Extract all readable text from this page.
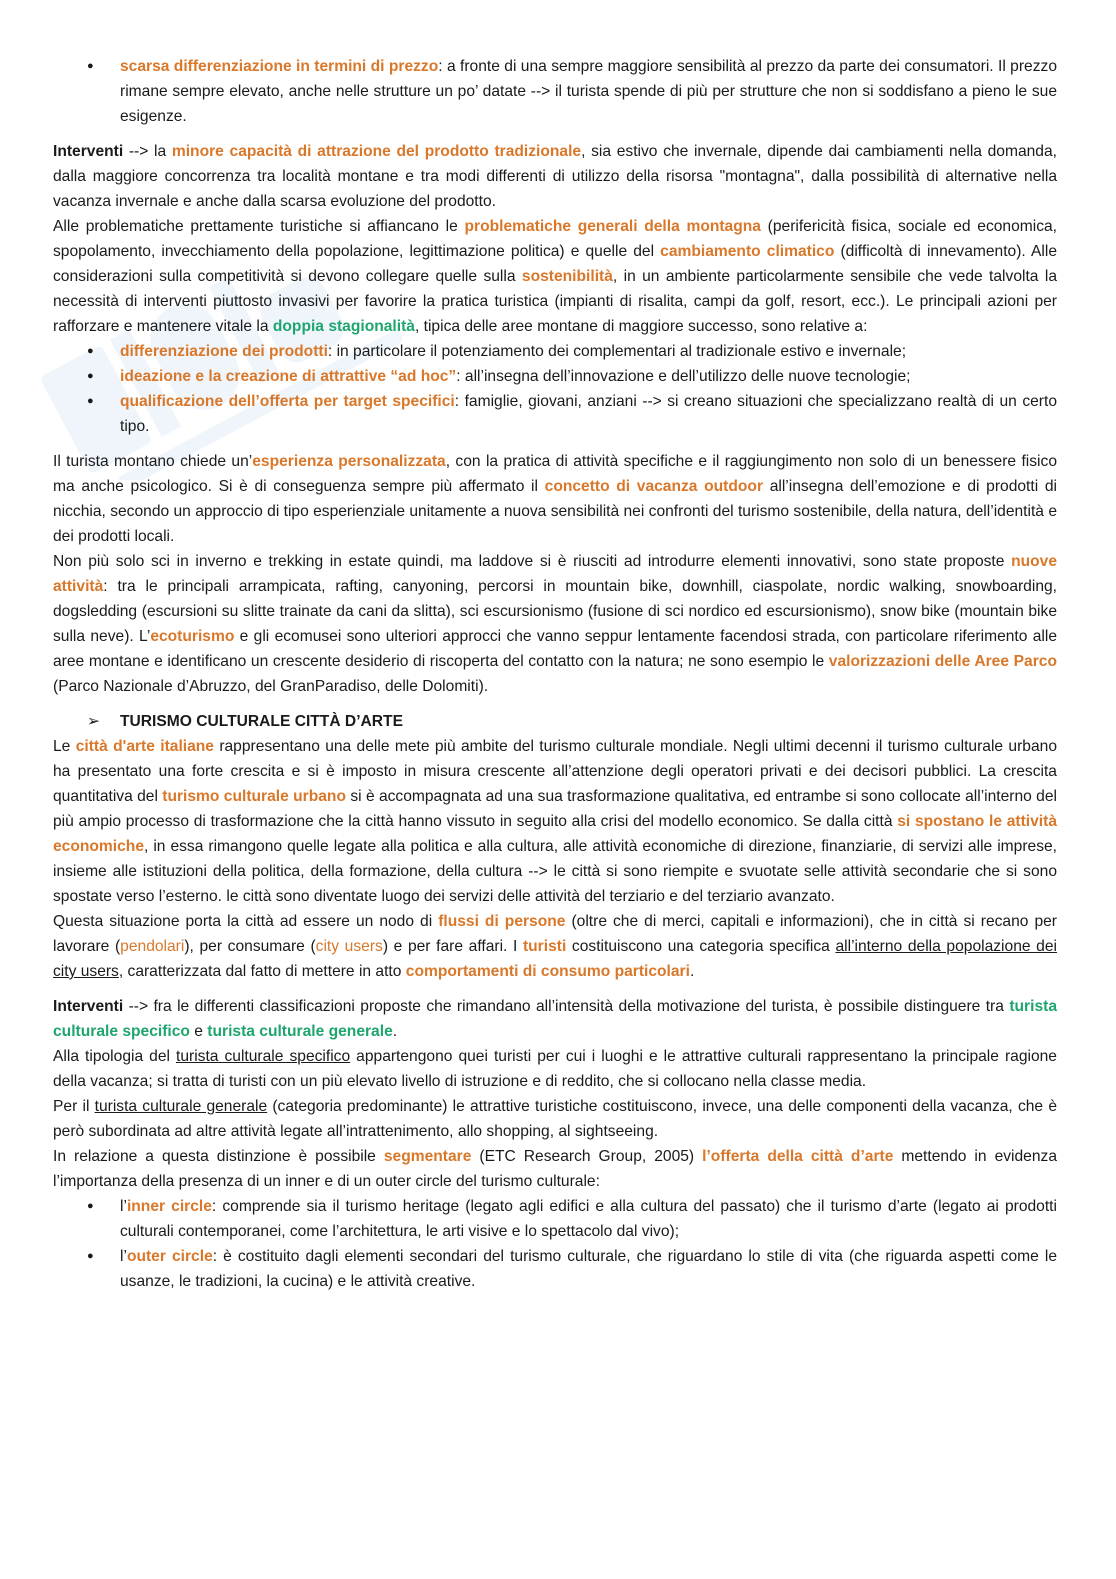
● scarsa differenziazione in termini di prezzo: a fronte di una sempre maggiore sensibilità al prezzo da parte dei consumatori. Il prezzo rimane sempre elevato, anche nelle strutture un po’ datate --> il turista spende di più per strutture che non si soddisfano a pieno le sue esigenze.

Interventi --> la minore capacità di attrazione del prodotto tradizionale, sia estivo che invernale, dipende dai cambiamenti nella domanda, dalla maggiore concorrenza tra località montane e tra modi differenti di utilizzo della risorsa "montagna", dalla possibilità di alternative nella vacanza invernale e anche dalla scarsa evoluzione del prodotto.

Alle problematiche prettamente turistiche si affiancano le problematiche generali della montagna (perifericità fisica, sociale ed economica, spopolamento, invecchiamento della popolazione, legittimazione politica) e quelle del cambiamento climatico (difficoltà di innevamento). Alle considerazioni sulla competitività si devono collegare quelle sulla sostenibilità, in un ambiente particolarmente sensibile che vede talvolta la necessità di interventi piuttosto invasivi per favorire la pratica turistica (impianti di risalita, campi da golf, resort, ecc.). Le principali azioni per rafforzare e mantenere vitale la doppia stagionalità, tipica delle aree montane di maggiore successo, sono relative a:

● differenziazione dei prodotti: in particolare il potenziamento dei complementari al tradizionale estivo e invernale;
● ideazione e la creazione di attrattive “ad hoc”: all’insegna dell’innovazione e dell’utilizzo delle nuove tecnologie;
● qualificazione dell’offerta per target specifici: famiglie, giovani, anziani --> si creano situazioni che specializzano realtà di un certo tipo.

Il turista montano chiede un’esperienza personalizzata, con la pratica di attività specifiche e il raggiungimento non solo di un benessere fisico ma anche psicologico. Si è di conseguenza sempre più affermato il concetto di vacanza outdoor all’insegna dell’emozione e di prodotti di nicchia, secondo un approccio di tipo esperienziale unitamente a nuova sensibilità nei confronti del turismo sostenibile, della natura, dell’identità e dei prodotti locali.

Non più solo sci in inverno e trekking in estate quindi, ma laddove si è riusciti ad introdurre elementi innovativi, sono state proposte nuove attività: tra le principali arrampicata, rafting, canyoning, percorsi in mountain bike, downhill, ciaspolate, nordic walking, snowboarding, dogsledding (escursioni su slitte trainate da cani da slitta), sci escursionismo (fusione di sci nordico ed escursionismo), snow bike (mountain bike sulla neve). L’ecoturismo e gli ecomusei sono ulteriori approcci che vanno seppur lentamente facendosi strada, con particolare riferimento alle aree montane e identificano un crescente desiderio di riscoperta del contatto con la natura; ne sono esempio le valorizzazioni delle Aree Parco (Parco Nazionale d’Abruzzo, del GranParadiso, delle Dolomiti).

➢ TURISMO CULTURALE CITTÀ D’ARTE

Le città d'arte italiane rappresentano una delle mete più ambite del turismo culturale mondiale. Negli ultimi decenni il turismo culturale urbano ha presentato una forte crescita e si è imposto in misura crescente all’attenzione degli operatori privati e dei decisori pubblici. La crescita quantitativa del turismo culturale urbano si è accompagnata ad una sua trasformazione qualitativa, ed entrambe si sono collocate all’interno del più ampio processo di trasformazione che la città hanno vissuto in seguito alla crisi del modello economico. Se dalla città si spostano le attività economiche, in essa rimangono quelle legate alla politica e alla cultura, alle attività economiche di direzione, finanziarie, di servizi alle imprese, insieme alle istituzioni della politica, della formazione, della cultura --> le città si sono riempite e svuotate selle attività secondarie che si sono spostate verso l’esterno. le città sono diventate luogo dei servizi delle attività del terziario e del terziario avanzato.

Questa situazione porta la città ad essere un nodo di flussi di persone (oltre che di merci, capitali e informazioni), che in città si recano per lavorare (pendolari), per consumare (city users) e per fare affari. I turisti costituiscono una categoria specifica all’interno della popolazione dei city users, caratterizzata dal fatto di mettere in atto comportamenti di consumo particolari.

Interventi --> fra le differenti classificazioni proposte che rimandano all’intensità della motivazione del turista, è possibile distinguere tra turista culturale specifico e turista culturale generale.

Alla tipologia del turista culturale specifico appartengono quei turisti per cui i luoghi e le attrattive culturali rappresentano la principale ragione della vacanza; si tratta di turisti con un più elevato livello di istruzione e di reddito, che si collocano nella classe media.

Per il turista culturale generale (categoria predominante) le attrattive turistiche costituiscono, invece, una delle componenti della vacanza, che è però subordinata ad altre attività legate all’intrattenimento, allo shopping, al sightseeing.

In relazione a questa distinzione è possibile segmentare (ETC Research Group, 2005) l’offerta della città d’arte mettendo in evidenza l’importanza della presenza di un inner e di un outer circle del turismo culturale:

● l’inner circle: comprende sia il turismo heritage (legato agli edifici e alla cultura del passato) che il turismo d’arte (legato ai prodotti culturali contemporanei, come l’architettura, le arti visive e lo spettacolo dal vivo);
● l’outer circle: è costituito dagli elementi secondari del turismo culturale, che riguardano lo stile di vita (che riguarda aspetti come le usanze, le tradizioni, la cucina) e le attività creative.
